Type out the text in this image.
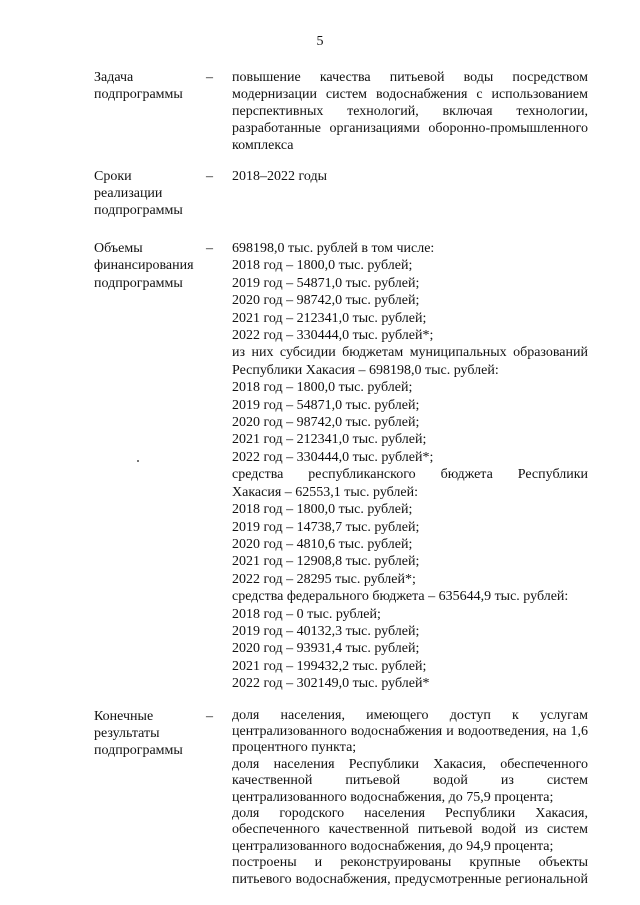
5
Задача
подпрограммы
–	повышение качества питьевой воды посредством
модернизации систем водоснабжения с использованием
перспективных технологий, включая технологии,
разработанные организациями оборонно-промышленного
комплекса
Сроки
реализации
подпрограммы
–	2018–2022 годы
Объемы
финансирования
подпрограммы
–	698198,0 тыс. рублей в том числе:
2018 год – 1800,0 тыс. рублей;
2019 год – 54871,0 тыс. рублей;
2020 год – 98742,0 тыс. рублей;
2021 год – 212341,0 тыс. рублей;
2022 год – 330444,0 тыс. рублей*;
из них субсидии бюджетам муниципальных образований
Республики Хакасия – 698198,0 тыс. рублей:
2018 год – 1800,0 тыс. рублей;
2019 год – 54871,0 тыс. рублей;
2020 год – 98742,0 тыс. рублей;
2021 год – 212341,0 тыс. рублей;
2022 год – 330444,0 тыс. рублей*;
средства республиканского бюджета Республики
Хакасия – 62553,1 тыс. рублей:
2018 год – 1800,0 тыс. рублей;
2019 год – 14738,7 тыс. рублей;
2020 год – 4810,6 тыс. рублей;
2021 год – 12908,8 тыс. рублей;
2022 год – 28295 тыс. рублей*;
средства федерального бюджета – 635644,9 тыс. рублей:
2018 год – 0 тыс. рублей;
2019 год – 40132,3 тыс. рублей;
2020 год – 93931,4 тыс. рублей;
2021 год – 199432,2 тыс. рублей;
2022 год – 302149,0 тыс. рублей*
Конечные
результаты
подпрограммы
–	доля населения, имеющего доступ к услугам
централизованного водоснабжения и водоотведения, на 1,6
процентного пункта;
доля населения Республики Хакасия, обеспеченного
качественной питьевой водой из систем
централизованного водоснабжения, до 75,9 процента;
доля городского населения Республики Хакасия,
обеспеченного качественной питьевой водой из систем
централизованного водоснабжения, до 94,9 процента;
построены и реконструированы крупные объекты
питьевого водоснабжения, предусмотренные региональной
